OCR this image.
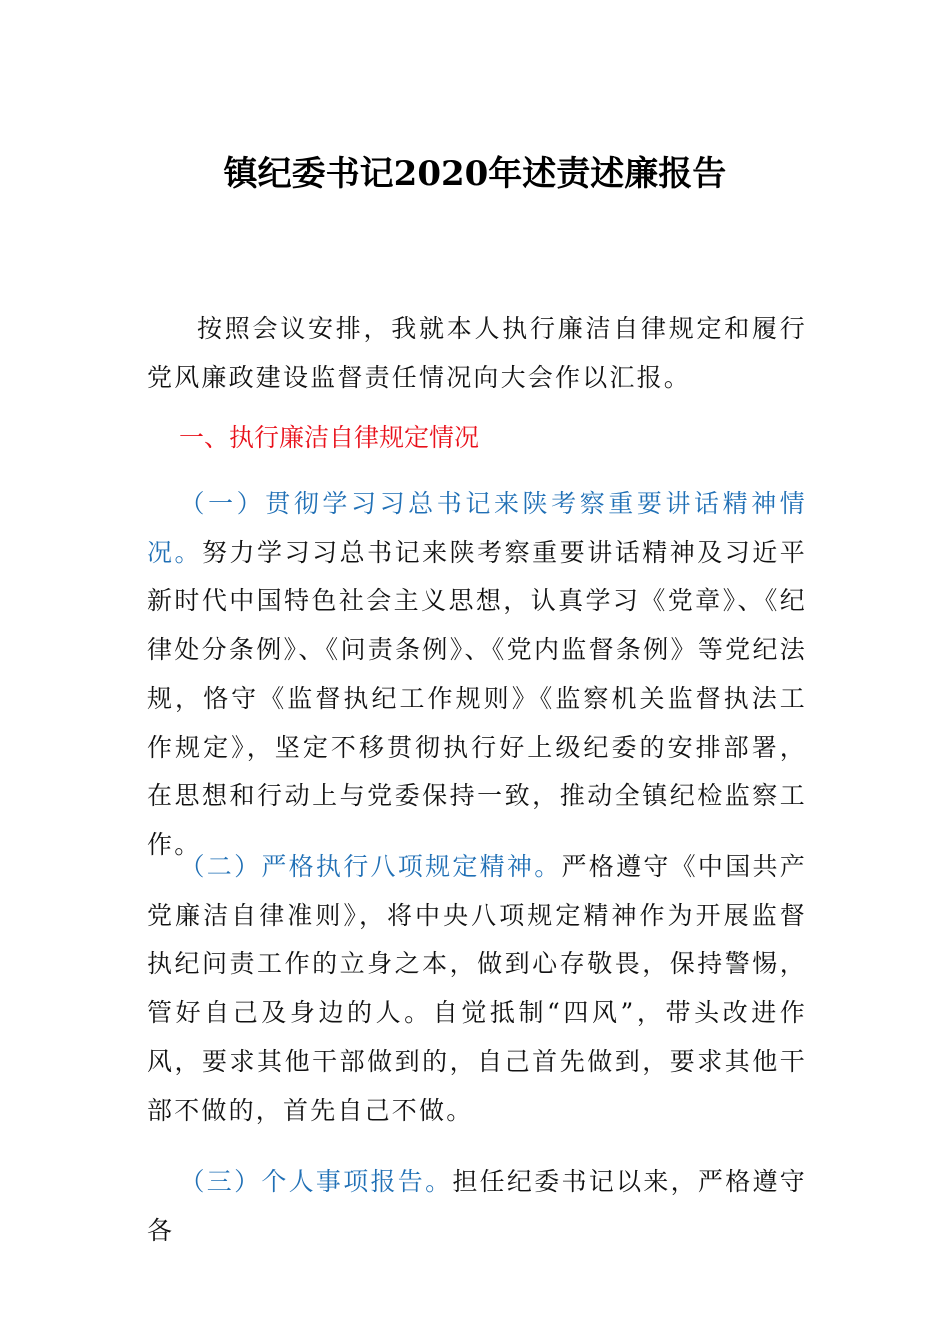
镇纪委书记2020年述责述廉报告

按照会议安排，我就本人执行廉洁自律规定和履行党风廉政建设监督责任情况向大会作以汇报。

一、执行廉洁自律规定情况

（一）贯彻学习习总书记来陕考察重要讲话精神情况。努力学习习总书记来陕考察重要讲话精神及习近平新时代中国特色社会主义思想，认真学习《党章》、《纪律处分条例》、《问责条例》、《党内监督条例》等党纪法规，恪守《监督执纪工作规则》《监察机关监督执法工作规定》，坚定不移贯彻执行好上级纪委的安排部署，在思想和行动上与党委保持一致，推动全镇纪检监察工作。

（二）严格执行八项规定精神。严格遵守《中国共产党廉洁自律准则》，将中央八项规定精神作为开展监督执纪问责工作的立身之本，做到心存敬畏，保持警惕，管好自己及身边的人。自觉抵制“四风”，带头改进作风，要求其他干部做到的，自己首先做到，要求其他干部不做的，首先自己不做。

（三）个人事项报告。担任纪委书记以来，严格遵守各
